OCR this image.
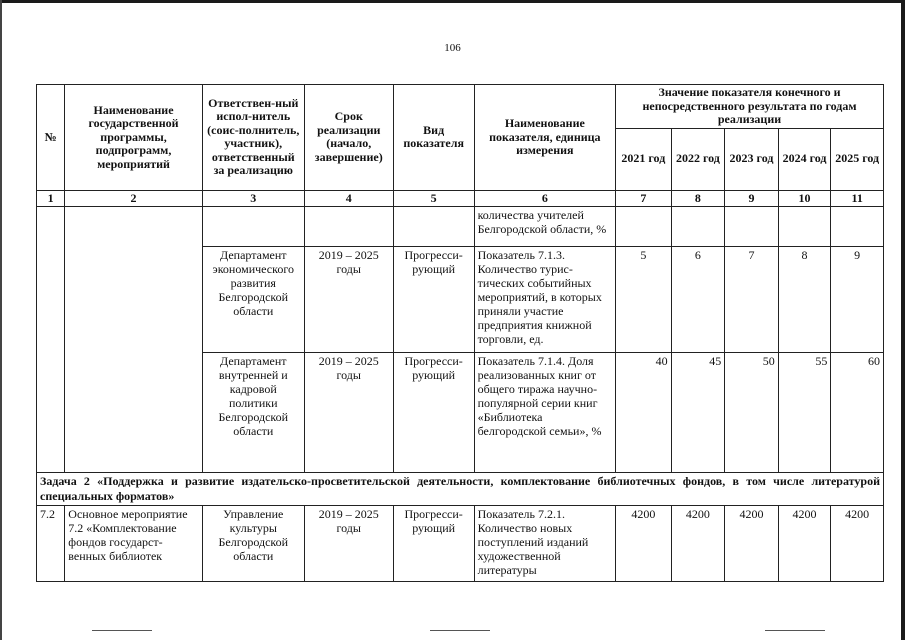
106
№	Наименование государственной программы, подпрограмм, мероприятий	Ответствен-ный испол-нитель (соис-полнитель, участник), ответственный за реализацию	Срок реализации (начало, завершение)	Вид показателя	Наименование показателя, единица измерения	Значение показателя конечного и непосредственного результата по годам реализации				
						2021 год	2022 год	2023 год	2024 год	2025 год
1	2	3	4	5	6	7	8	9	10	11
					количества учителей Белгородской области, %					
		Департамент экономического развития Белгородской области	2019 – 2025 годы	Прогресси-рующий	Показатель 7.1.3. Количество турис-тических событийных мероприятий, в которых приняли участие предприятия книжной торговли, ед.	5	6	7	8	9
		Департамент внутренней и кадровой политики Белгородской области	2019 – 2025 годы	Прогресси-рующий	Показатель 7.1.4. Доля реализованных книг от общего тиража научно-популярной серии книг «Библиотека белгородской семьи», %	40	45	50	55	60
Задача 2 «Поддержка и развитие издательско-просветительской деятельности, комплектование библиотечных фондов, в том числе литературой специальных форматов»										
7.2	Основное мероприятие 7.2 «Комплектование фондов государст-венных библиотек	Управление культуры Белгородской области	2019 – 2025 годы	Прогресси-рующий	Показатель 7.2.1. Количество новых поступлений изданий художественной литературы	4200	4200	4200	4200	4200
